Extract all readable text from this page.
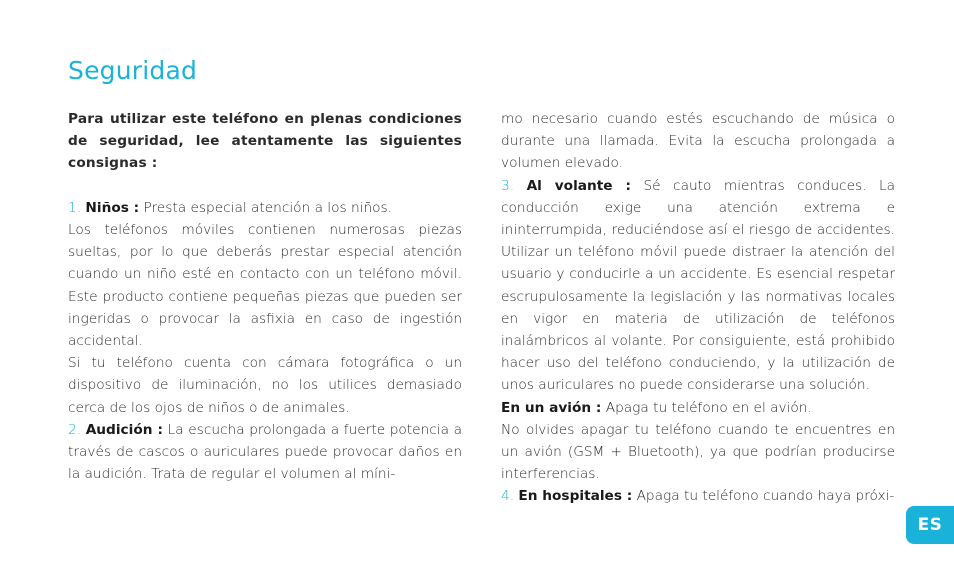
Seguridad

Para utilizar este teléfono en plenas condiciones de seguridad, lee atentamente las siguientes consignas :

1. Niños : Presta especial atención a los niños.

Los teléfonos móviles contienen numerosas piezas sueltas, por lo que deberás prestar especial atención cuando un niño esté en contacto con un teléfono móvil. Este producto contiene pequeñas piezas que pueden ser ingeridas o provocar la asfixia en caso de ingestión accidental.

Si tu teléfono cuenta con cámara fotográfica o un dispositivo de iluminación, no los utilices demasiado cerca de los ojos de niños o de animales.

2. Audición : La escucha prolongada a fuerte potencia a través de cascos o auriculares puede provocar daños en la audición. Trata de regular el volumen al míni-

mo necesario cuando estés escuchando de música o durante una llamada. Evita la escucha prolongada a volumen elevado.

3. Al volante : Sé cauto mientras conduces. La conducción exige una atención extrema e ininterrumpida, reduciéndose así el riesgo de accidentes. Utilizar un teléfono móvil puede distraer la atención del usuario y conducirle a un accidente. Es esencial respetar escrupulosamente la legislación y las normativas locales en vigor en materia de utilización de teléfonos inalámbricos al volante. Por consiguiente, está prohibido hacer uso del teléfono conduciendo, y la utilización de unos auriculares no puede considerarse una solución.

En un avión : Apaga tu teléfono en el avión.

No olvides apagar tu teléfono cuando te encuentres en un avión (GSM + Bluetooth), ya que podrían producirse interferencias.

4. En hospitales : Apaga tu teléfono cuando haya próxi-

ES
